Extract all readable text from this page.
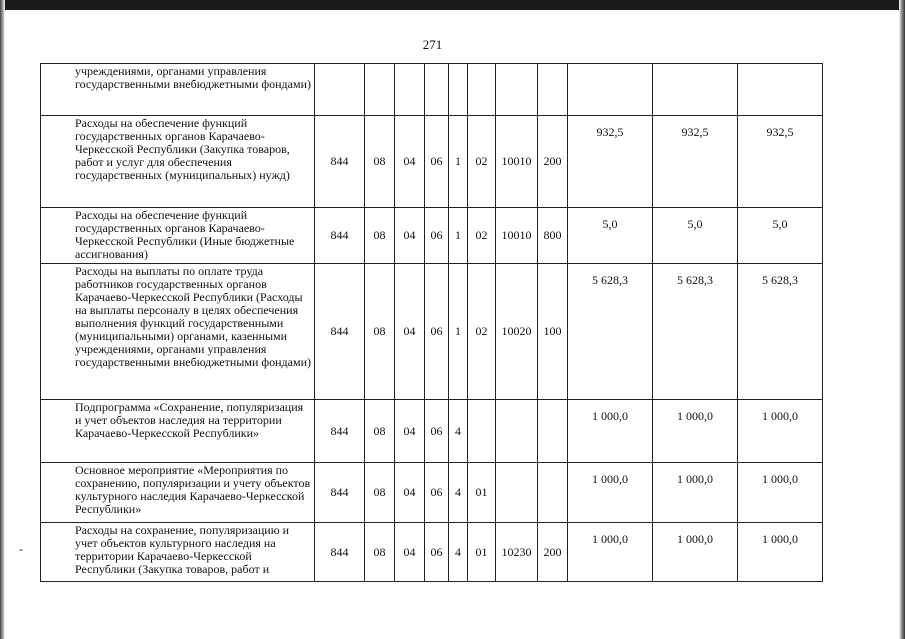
271
учреждениями, органами управления государственными внебюджетными фондами)											
Расходы на обеспечение функций государственных органов Карачаево-Черкесской Республики (Закупка товаров, работ и услуг для обеспечения государственных (муниципальных) нужд)	844	08	04	06	1	02	10010	200	932,5	932,5	932,5
Расходы на обеспечение функций государственных органов Карачаево-Черкесской Республики (Иные бюджетные ассигнования)	844	08	04	06	1	02	10010	800	5,0	5,0	5,0
Расходы на выплаты по оплате труда работников государственных органов Карачаево-Черкесской Республики (Расходы на выплаты персоналу в целях обеспечения выполнения функций государственными (муниципальными) органами, казенными учреждениями, органами управления государственными внебюджетными фондами)	844	08	04	06	1	02	10020	100	5 628,3	5 628,3	5 628,3
Подпрограмма «Сохранение, популяризация и учет объектов наследия на территории Карачаево-Черкесской Республики»	844	08	04	06	4				1 000,0	1 000,0	1 000,0
Основное мероприятие «Мероприятия по сохранению, популяризации и учету объектов культурного наследия Карачаево-Черкесской Республики»	844	08	04	06	4	01			1 000,0	1 000,0	1 000,0

-
Расходы на сохранение, популяризацию и учет объектов культурного наследия на территории Карачаево-Черкесской Республики (Закупка товаров, работ и	844	08	04	06	4	01	10230	200	1 000,0	1 000,0	1 000,0
